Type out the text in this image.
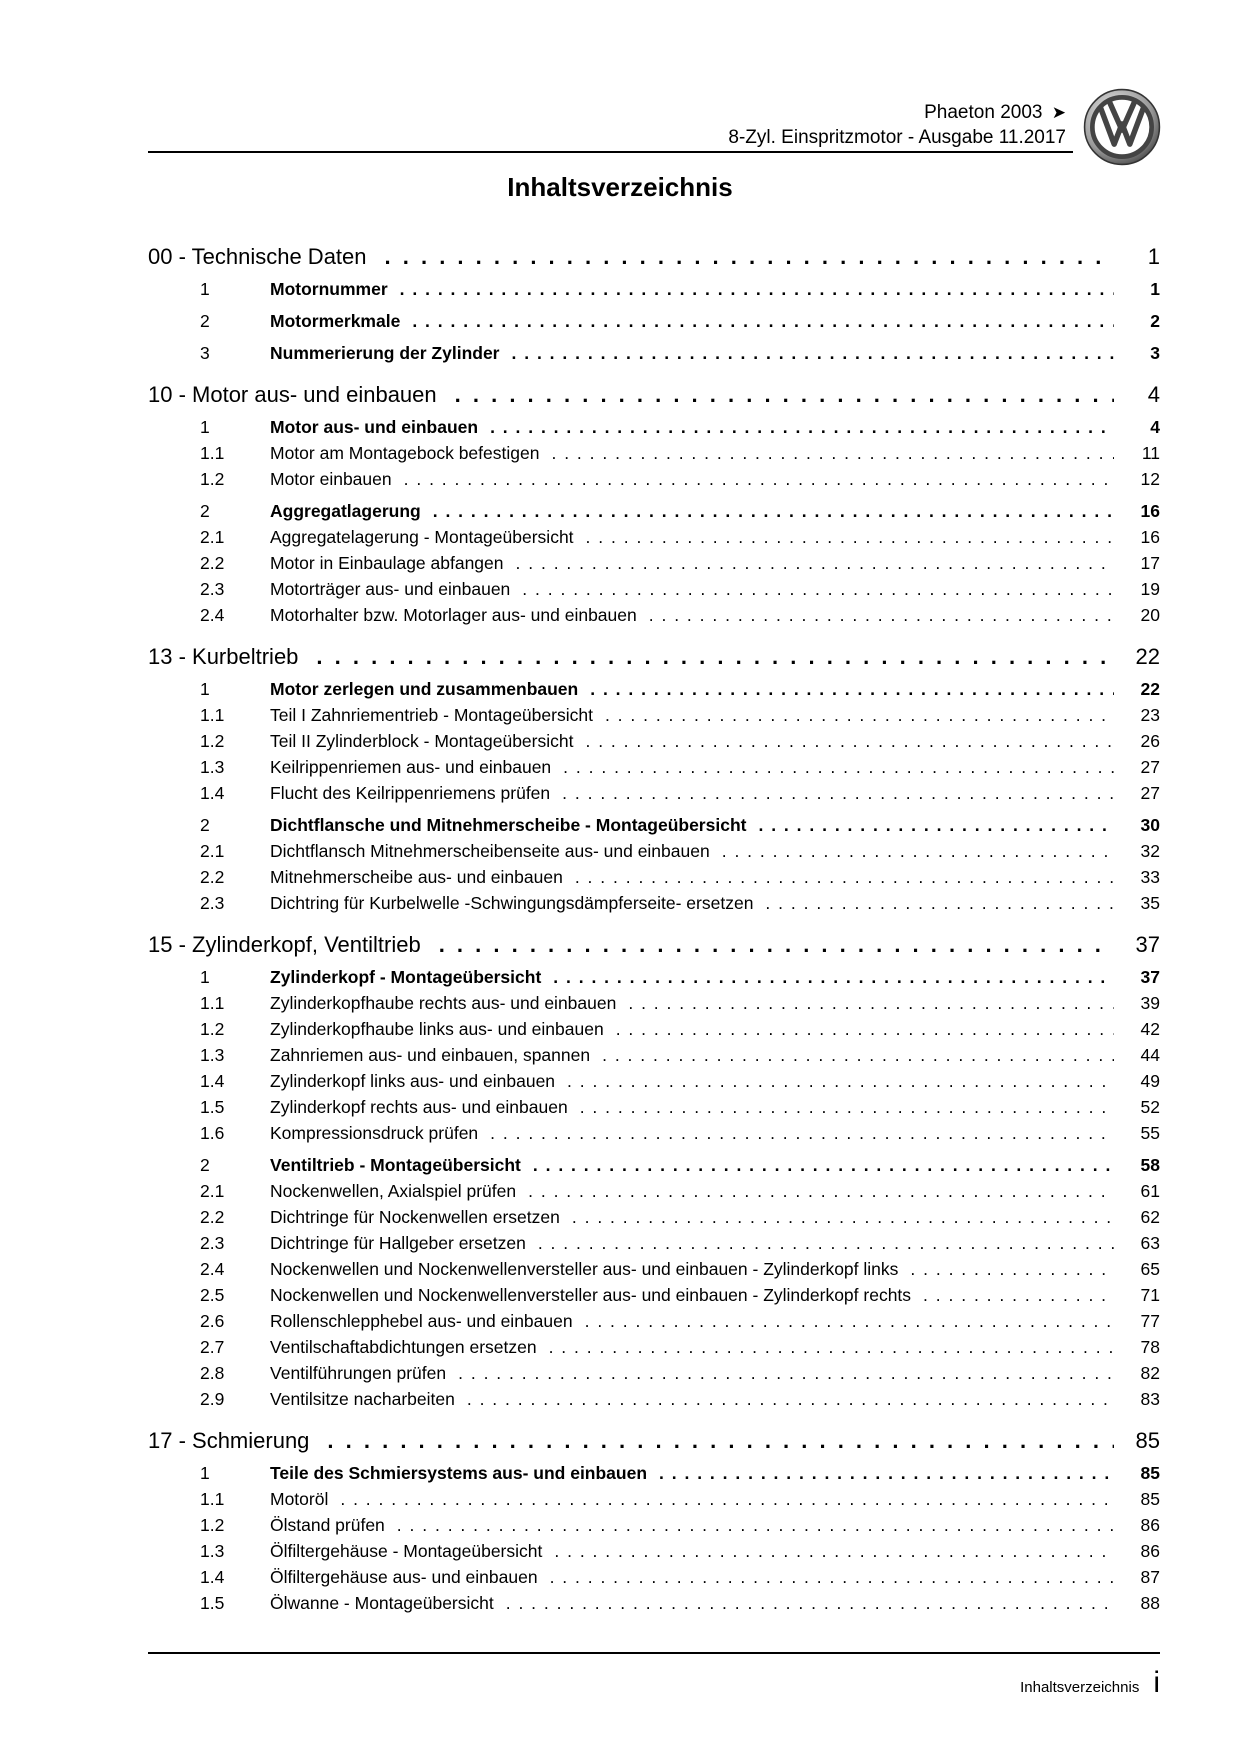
Phaeton 2003 ➤
8-Zyl. Einspritzmotor - Ausgabe 11.2017
Inhaltsverzeichnis
00 - Technische Daten . . .	1
1	Motornummer . . .	1
2	Motormerkmale . . .	2
3	Nummerierung der Zylinder . . .	3
10 - Motor aus- und einbauen . . .	4
1	Motor aus- und einbauen . . .	4
1.1	Motor am Montagebock befestigen . . .	11
1.2	Motor einbauen . . .	12
2	Aggregatlagerung . . .	16
2.1	Aggregatelagerung - Montageübersicht . . .	16
2.2	Motor in Einbaulage abfangen . . .	17
2.3	Motorträger aus- und einbauen . . .	19
2.4	Motorhalter bzw. Motorlager aus- und einbauen . . .	20
13 - Kurbeltrieb . . .	22
1	Motor zerlegen und zusammenbauen . . .	22
1.1	Teil I Zahnriementrieb - Montageübersicht . . .	23
1.2	Teil II Zylinderblock - Montageübersicht . . .	26
1.3	Keilrippenriemen aus- und einbauen . . .	27
1.4	Flucht des Keilrippenriemens prüfen . . .	27
2	Dichtflansche und Mitnehmerscheibe - Montageübersicht . . .	30
2.1	Dichtflansch Mitnehmerscheibenseite aus- und einbauen . . .	32
2.2	Mitnehmerscheibe aus- und einbauen . . .	33
2.3	Dichtring für Kurbelwelle -Schwingungsdämpferseite- ersetzen . . .	35
15 - Zylinderkopf, Ventiltrieb . . .	37
1	Zylinderkopf - Montageübersicht . . .	37
1.1	Zylinderkopfhaube rechts aus- und einbauen . . .	39
1.2	Zylinderkopfhaube links aus- und einbauen . . .	42
1.3	Zahnriemen aus- und einbauen, spannen . . .	44
1.4	Zylinderkopf links aus- und einbauen . . .	49
1.5	Zylinderkopf rechts aus- und einbauen . . .	52
1.6	Kompressionsdruck prüfen . . .	55
2	Ventiltrieb - Montageübersicht . . .	58
2.1	Nockenwellen, Axialspiel prüfen . . .	61
2.2	Dichtringe für Nockenwellen ersetzen . . .	62
2.3	Dichtringe für Hallgeber ersetzen . . .	63
2.4	Nockenwellen und Nockenwellenversteller aus- und einbauen - Zylinderkopf links . . .	65
2.5	Nockenwellen und Nockenwellenversteller aus- und einbauen - Zylinderkopf rechts . . .	71
2.6	Rollenschlepphebel aus- und einbauen . . .	77
2.7	Ventilschaftabdichtungen ersetzen . . .	78
2.8	Ventilführungen prüfen . . .	82
2.9	Ventilsitze nacharbeiten . . .	83
17 - Schmierung . . .	85
1	Teile des Schmiersystems aus- und einbauen . . .	85
1.1	Motoröl . . .	85
1.2	Ölstand prüfen . . .	86
1.3	Ölfiltergehäuse - Montageübersicht . . .	86
1.4	Ölfiltergehäuse aus- und einbauen . . .	87
1.5	Ölwanne - Montageübersicht . . .	88
Inhaltsverzeichnis i
